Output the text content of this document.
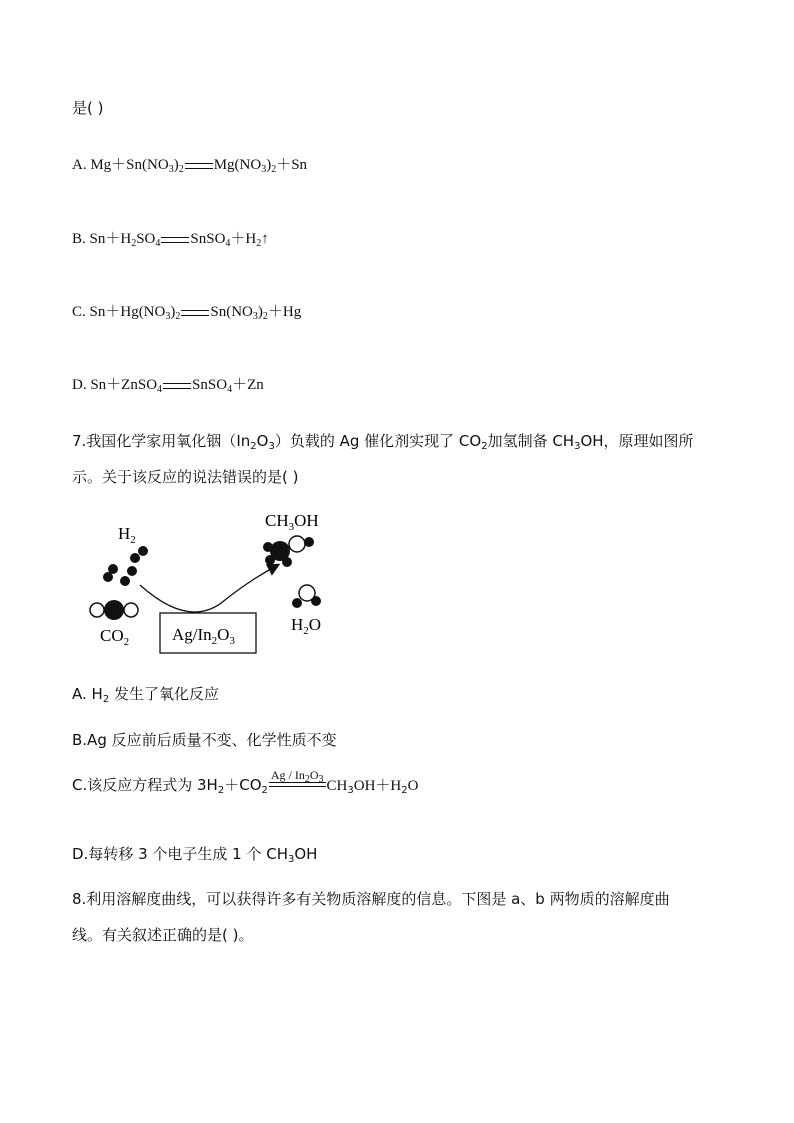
是( )
A. $Mg+Sn(NO_3)_2$ $Mg(NO_3)_2+Sn$
B. $Sn+H_2SO_4$ $SnSO_4+H_2↑$
C. $Sn+Hg(NO_3)_2$ $Sn(NO_3)_2+Hg$
D. Sn＋ZnSO$_4$ SnSO$_4$＋Zn
7.我国化学家用氧化铟$(In_2O_3)$负载的 Ag 催化剂实现了 $CO_2$加氢制备 $CH_3OH$，原理如图所
示。关于该反应的说法错误的是( )
$H_2$
$CO_2$	$Ag/In_2O_3$
$CH_3OH$
$H_2O$
A. $H_2$ 发生了氧化反应
B.Ag 反应前后质量不变、化学性质不变
C.该反应方程式为 $3H_2+CO_2$
Ag / $In_2O_3$ $CH_3OH+H_2O$
D.每转移 3 个电子生成 1 个 $CH_3OH$
8.利用溶解度曲线，可以获得许多有关物质溶解度的信息。下图是 a、b 两物质的溶解度曲
线。有关叙述正确的是( )。
